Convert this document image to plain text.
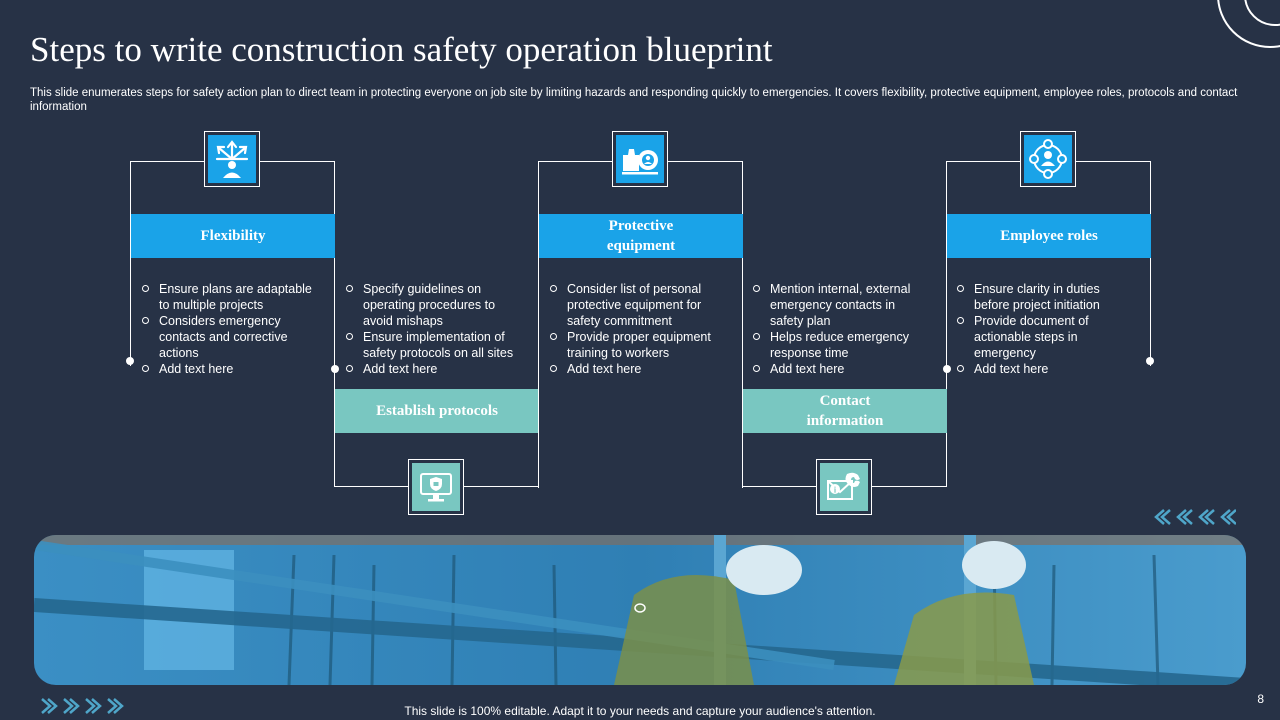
Steps to write construction safety operation blueprint
This slide enumerates steps for safety action plan to direct team in protecting everyone on job site by limiting hazards and responding quickly to emergencies. It covers flexibility, protective equipment, employee roles, protocols and contact information
Flexibility
Ensure plans are adaptable to multiple projects
Considers emergency contacts and corrective actions
Add text here
Establish protocols
Specify guidelines on operating procedures to avoid mishaps
Ensure implementation of safety protocols on all sites
Add text here
Protective equipment
Consider list of personal protective equipment for safety commitment
Provide proper equipment training to workers
Add text here
Contact information
i
Mention internal, external emergency contacts in safety plan
Helps reduce emergency response time
Add text here
Employee roles
Ensure clarity in duties before project initiation
Provide document of actionable steps in emergency
Add text here
This slide is 100% editable. Adapt it to your needs and capture your audience's attention.
8
